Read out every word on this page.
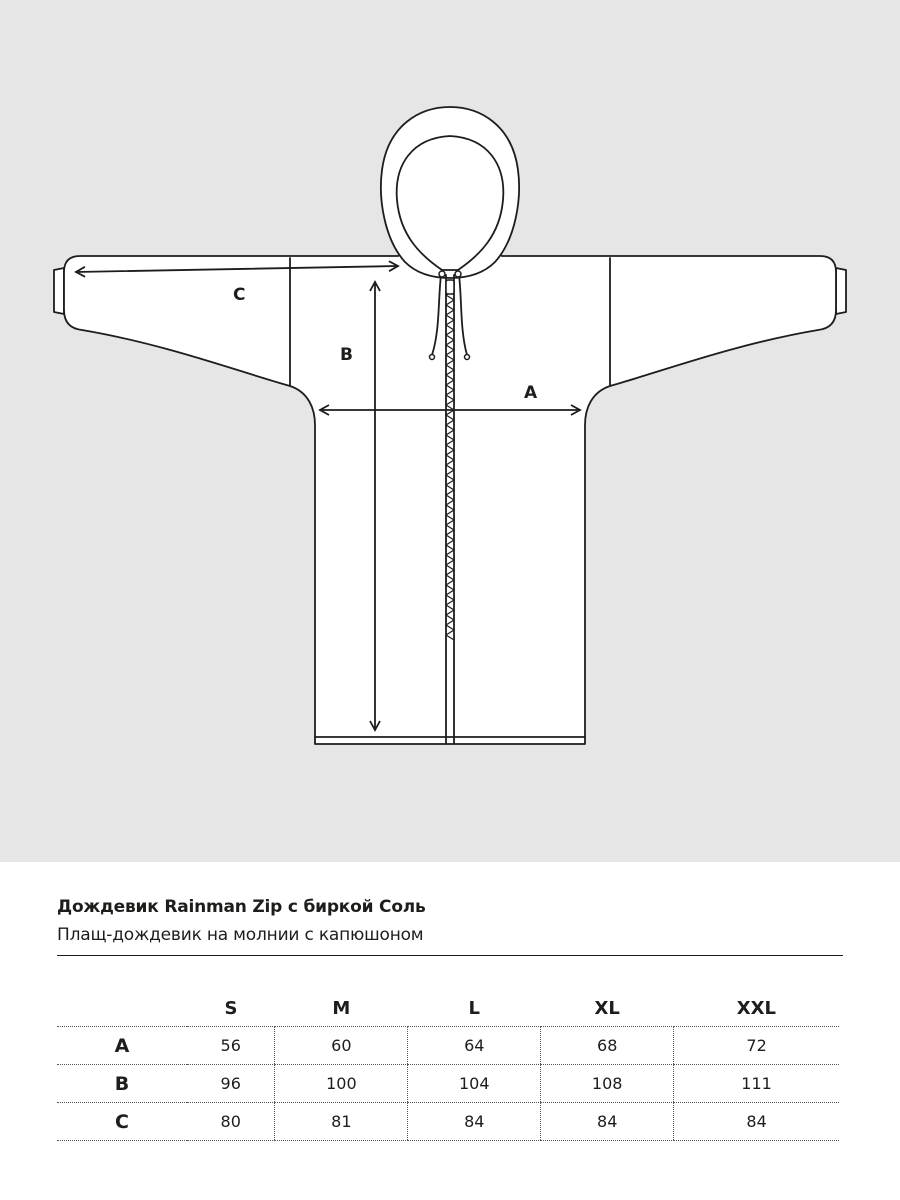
C
B
A
Дождевик Rainman Zip с биркой Соль
Плащ-дождевик на молнии с капюшоном
	S	M	L	XL	XXL
A	56	60	64	68	72
B	96	100	104	108	111
C	80	81	84	84	84
